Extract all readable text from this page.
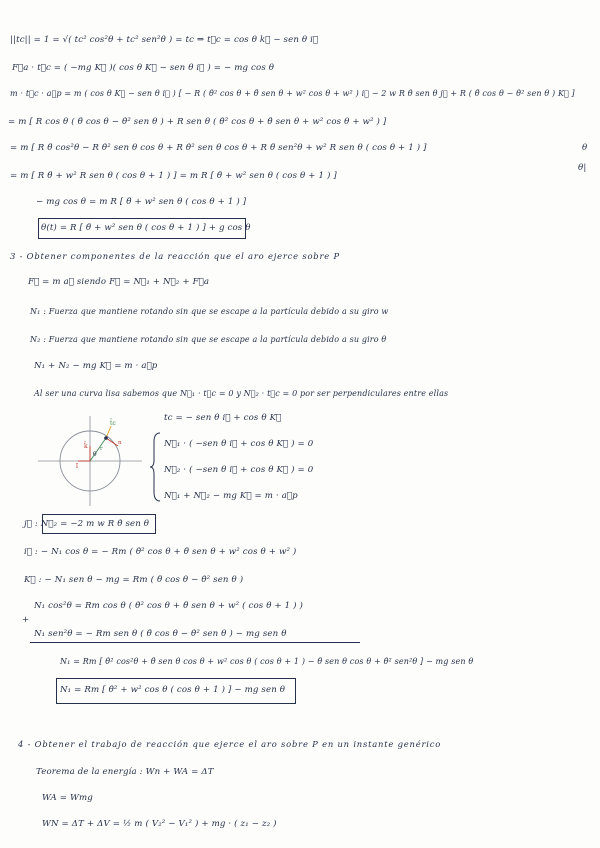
||tc|| = 1 = √( tc² cos²θ + tc² sen²θ ) = tc ⇒ t⃗c = cos θ k⃗ − sen θ i⃗
F⃗a · t⃗c = ( −mg K⃗ )( cos θ K⃗ − sen θ i⃗ ) = − mg cos θ
m · t⃗c · a⃗p = m ( cos θ K⃗ − sen θ i⃗ ) [ − R ( θ̇² cos θ + θ̈ sen θ + w² cos θ + w² ) i⃗ − 2 w R θ̇ sen θ j⃗ + R ( θ̈ cos θ − θ̇² sen θ ) K⃗ ]
= m [ R cos θ ( θ̈ cos θ − θ̇² sen θ ) + R sen θ ( θ̇² cos θ + θ̈ sen θ + w² cos θ + w² ) ]
= m [ R θ̈ cos²θ − R θ̇² sen θ cos θ + R θ̇² sen θ cos θ + R θ̈ sen²θ + w² R sen θ ( cos θ + 1 ) ]
= m [ R θ̈ + w² R sen θ ( cos θ + 1 ) ] = m R [ θ̈ + w² sen θ ( cos θ + 1 ) ]
− mg cos θ = m R [ θ̈ + w² sen θ ( cos θ + 1 ) ]
θ(t) = R [ θ̈ + w² sen θ ( cos θ + 1 ) ] + g cos θ
3 - Obtener componentes de la reacción que el aro ejerce sobre P
F⃗ = m a⃗ siendo F⃗ = N⃗₁ + N⃗₂ + F⃗a
N₁ : Fuerza que mantiene rotando sin que se escape a la partícula debido a su giro w
N₂ : Fuerza que mantiene rotando sin que se escape a la partícula debido a su giro θ
N₁ + N₂ − mg K⃗ = m · a⃗p
Al ser una curva lisa sabemos que N⃗₁ · t⃗c = 0 y N⃗₂ · t⃗c = 0 por ser perpendiculares entre ellas
t̂c
k̂
θ
ĩ
n
r
tc = − sen θ i⃗ + cos θ K⃗
N⃗₁ · ( −sen θ i⃗ + cos θ K⃗ ) = 0
N⃗₂ · ( −sen θ i⃗ + cos θ K⃗ ) = 0
N⃗₁ + N⃗₂ − mg K⃗ = m · a⃗p
j⃗ : N⃗₂ = −2 m w R θ̇ sen θ
i⃗ : − N₁ cos θ = − Rm ( θ̇² cos θ + θ̈ sen θ + w² cos θ + w² )
K⃗ : − N₁ sen θ − mg = Rm ( θ̈ cos θ − θ̇² sen θ )
N₁ cos²θ = Rm cos θ ( θ̇² cos θ + θ̈ sen θ + w² ( cos θ + 1 ) )
+
N₁ sen²θ = − Rm sen θ ( θ̈ cos θ − θ̇² sen θ ) − mg sen θ
N₁ = Rm [ θ̇² cos²θ + θ̈ sen θ cos θ + w² cos θ ( cos θ + 1 ) − θ̈ sen θ cos θ + θ̇² sen²θ ] − mg sen θ
N₁ = Rm [ θ̇² + w² cos θ ( cos θ + 1 ) ] − mg sen θ
4 - Obtener el trabajo de reacción que ejerce el aro sobre P en un instante genérico
Teorema de la energía : Wn + WA = ΔT
WA = Wmg
WN = ΔT + ΔV = ½ m ( V₂² − V₁² ) + mg · ( z₁ − z₂ )
θ
θ|
